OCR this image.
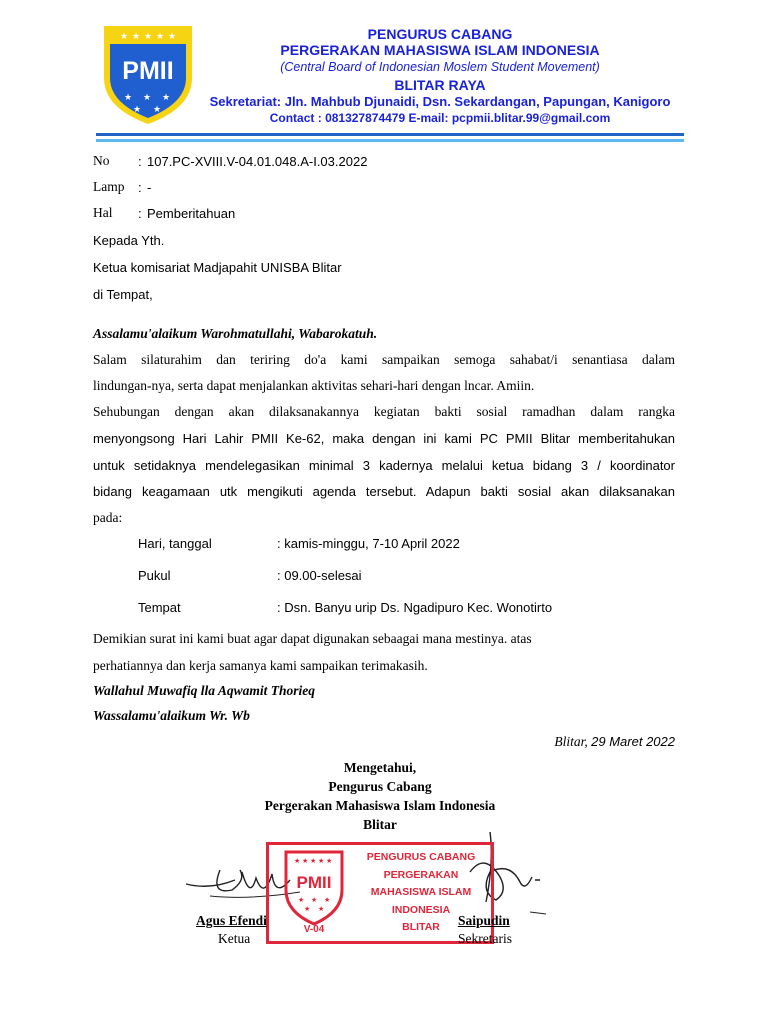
★ ★ ★ ★ ★
PMII
★ ★ ★
★ ★
PENGURUS CABANG
PERGERAKAN MAHASISWA ISLAM INDONESIA
(Central Board of Indonesian Moslem Student Movement)
BLITAR RAYA
Sekretariat: Jln. Mahbub Djunaidi, Dsn. Sekardangan, Papungan, Kanigoro
Contact : 081327874479 E-mail: pcpmii.blitar.99@gmail.com
No : 107.PC-XVIII.V-04.01.048.A-I.03.2022
Lamp : -
Hal : Pemberitahuan
Kepada Yth.
Ketua komisariat Madjapahit UNISBA Blitar
di Tempat,
Assalamu'alaikum Warohmatullahi, Wabarokatuh.
Salam silaturahim dan teriring do'a kami sampaikan semoga sahabat/i senantiasa dalam
lindungan-nya, serta dapat menjalankan aktivitas sehari-hari dengan lncar. Amiin.
Sehubungan dengan akan dilaksanakannya kegiatan bakti sosial ramadhan dalam rangka
menyongsong Hari Lahir PMII Ke-62, maka dengan ini kami PC PMII Blitar memberitahukan
untuk setidaknya mendelegasikan minimal 3 kadernya melalui ketua bidang 3 / koordinator
bidang keagamaan utk mengikuti agenda tersebut. Adapun bakti sosial akan dilaksanakan
pada:
Hari, tanggal	: kamis-minggu, 7-10 April 2022
Pukul	: 09.00-selesai
Tempat	: Dsn. Banyu urip Ds. Ngadipuro Kec. Wonotirto
Demikian surat ini kami buat agar dapat digunakan sebaagai mana mestinya. atas
perhatiannya dan kerja samanya kami sampaikan terimakasih.
Wallahul Muwafiq lla Aqwamit Thorieq
Wassalamu'alaikum Wr. Wb
Blitar, 29 Maret 2022
Mengetahui,
Pengurus Cabang
Pergerakan Mahasiswa Islam Indonesia
Blitar
★ ★ ★ ★ ★
PMII
★ ★ ★
★ ★
V-04
PENGURUS CABANG
PERGERAKAN
MAHASISWA ISLAM
INDONESIA
BLITAR
Agus Efendi
Ketua
Saipudin
Sekretaris
